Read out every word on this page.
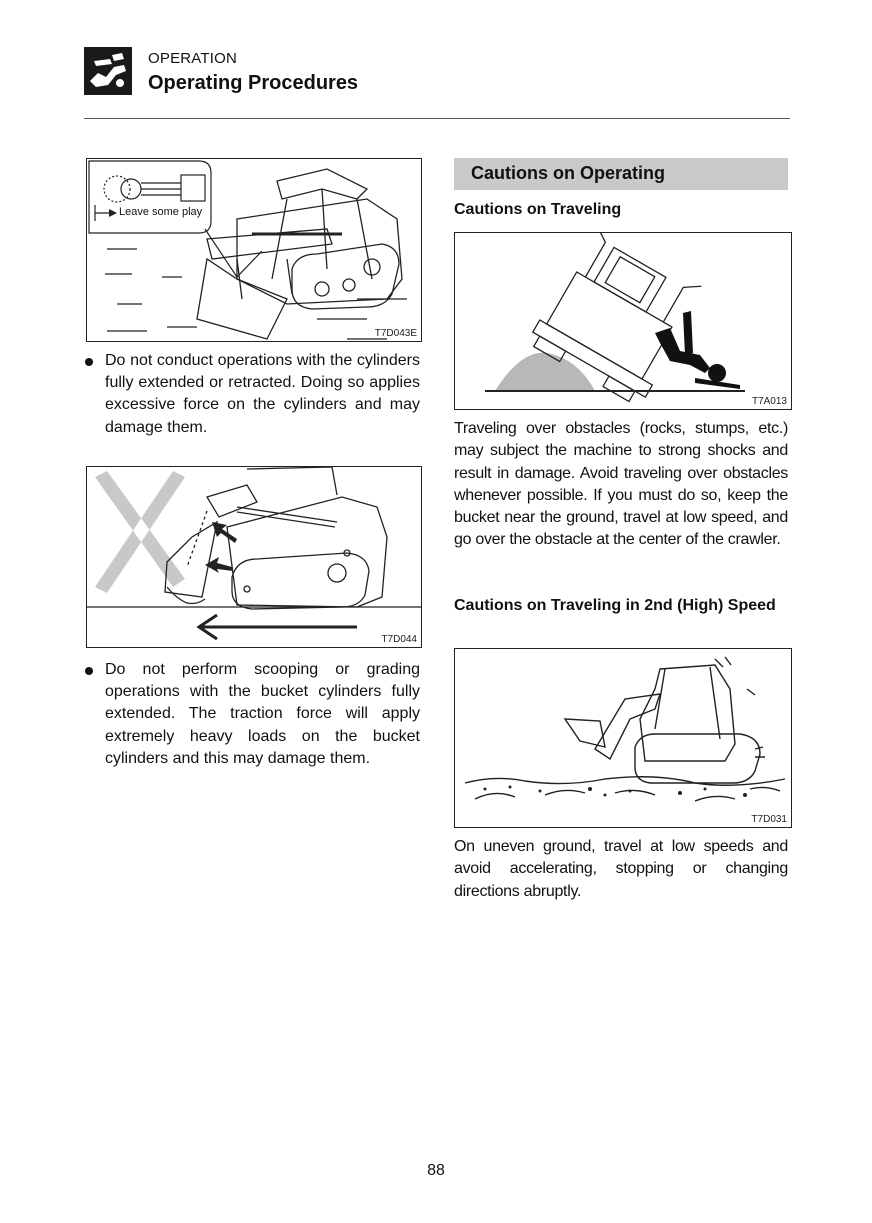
OPERATION
Operating Procedures
Leave some play
T7D043E
Do not conduct operations with the cylinders fully extended or retracted. Doing so applies excessive force on the cylinders and may damage them.
T7D044
Do not perform scooping or grading operations with the bucket cylinders fully extended. The traction force will apply extremely heavy loads on the bucket cylinders and this may damage them.
Cautions on Operating
Cautions on Traveling
T7A013
Traveling over obstacles (rocks, stumps, etc.) may subject the machine to strong shocks and result in damage. Avoid traveling over obstacles whenever possible. If you must do so, keep the bucket near the ground, travel at low speed, and go over the obstacle at the center of the crawler.
Cautions on Traveling in 2nd (High) Speed
T7D031
On uneven ground, travel at low speeds and avoid accelerating, stopping or changing directions abruptly.
88
